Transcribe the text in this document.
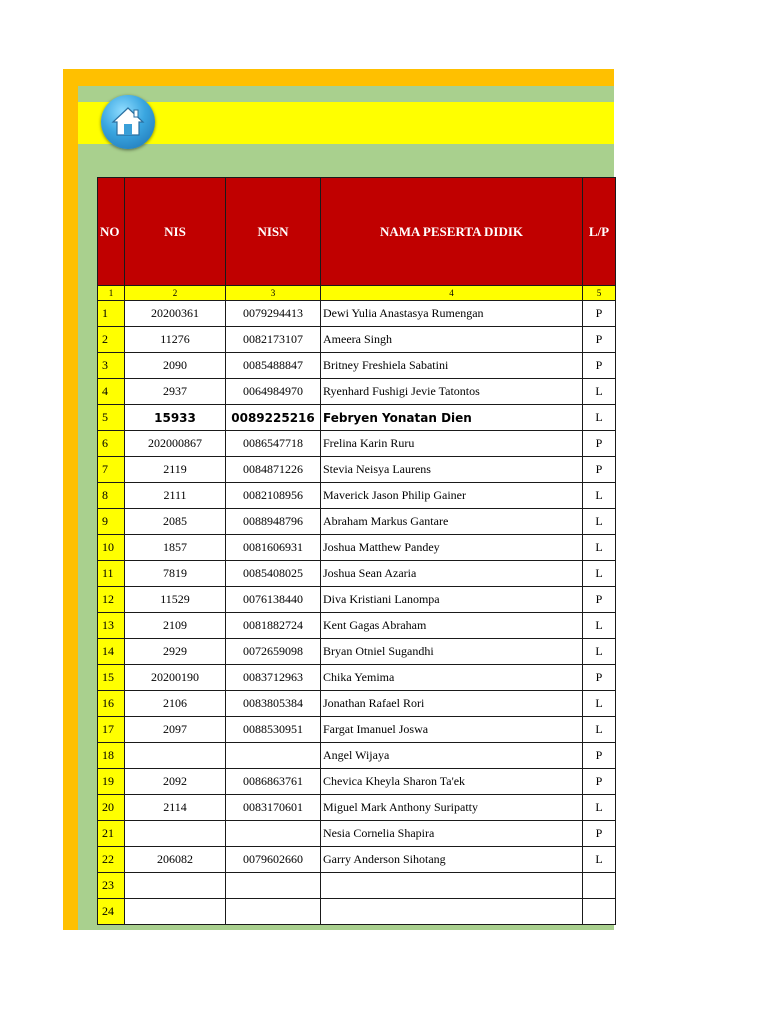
NO	NIS	NISN	NAMA PESERTA DIDIK	L/P
1	2	3	4	5
1	20200361	0079294413	Dewi Yulia Anastasya Rumengan	P
2	11276	0082173107	Ameera Singh	P
3	2090	0085488847	Britney Freshiela Sabatini	P
4	2937	0064984970	Ryenhard Fushigi Jevie Tatontos	L
5	15933	0089225216	Febryen Yonatan Dien	L
6	202000867	0086547718	Frelina Karin Ruru	P
7	2119	0084871226	Stevia Neisya Laurens	P
8	2111	0082108956	Maverick Jason Philip Gainer	L
9	2085	0088948796	Abraham Markus Gantare	L
10	1857	0081606931	Joshua Matthew Pandey	L
11	7819	0085408025	Joshua Sean Azaria	L
12	11529	0076138440	Diva Kristiani Lanompa	P
13	2109	0081882724	Kent Gagas Abraham	L
14	2929	0072659098	Bryan Otniel Sugandhi	L
15	20200190	0083712963	Chika Yemima	P
16	2106	0083805384	Jonathan Rafael Rori	L
17	2097	0088530951	Fargat Imanuel Joswa	L
18			Angel Wijaya	P
19	2092	0086863761	Chevica Kheyla Sharon Ta'ek	P
20	2114	0083170601	Miguel Mark Anthony Suripatty	L
21			Nesia Cornelia Shapira	P
22	206082	0079602660	Garry Anderson Sihotang	L
23				
24				
